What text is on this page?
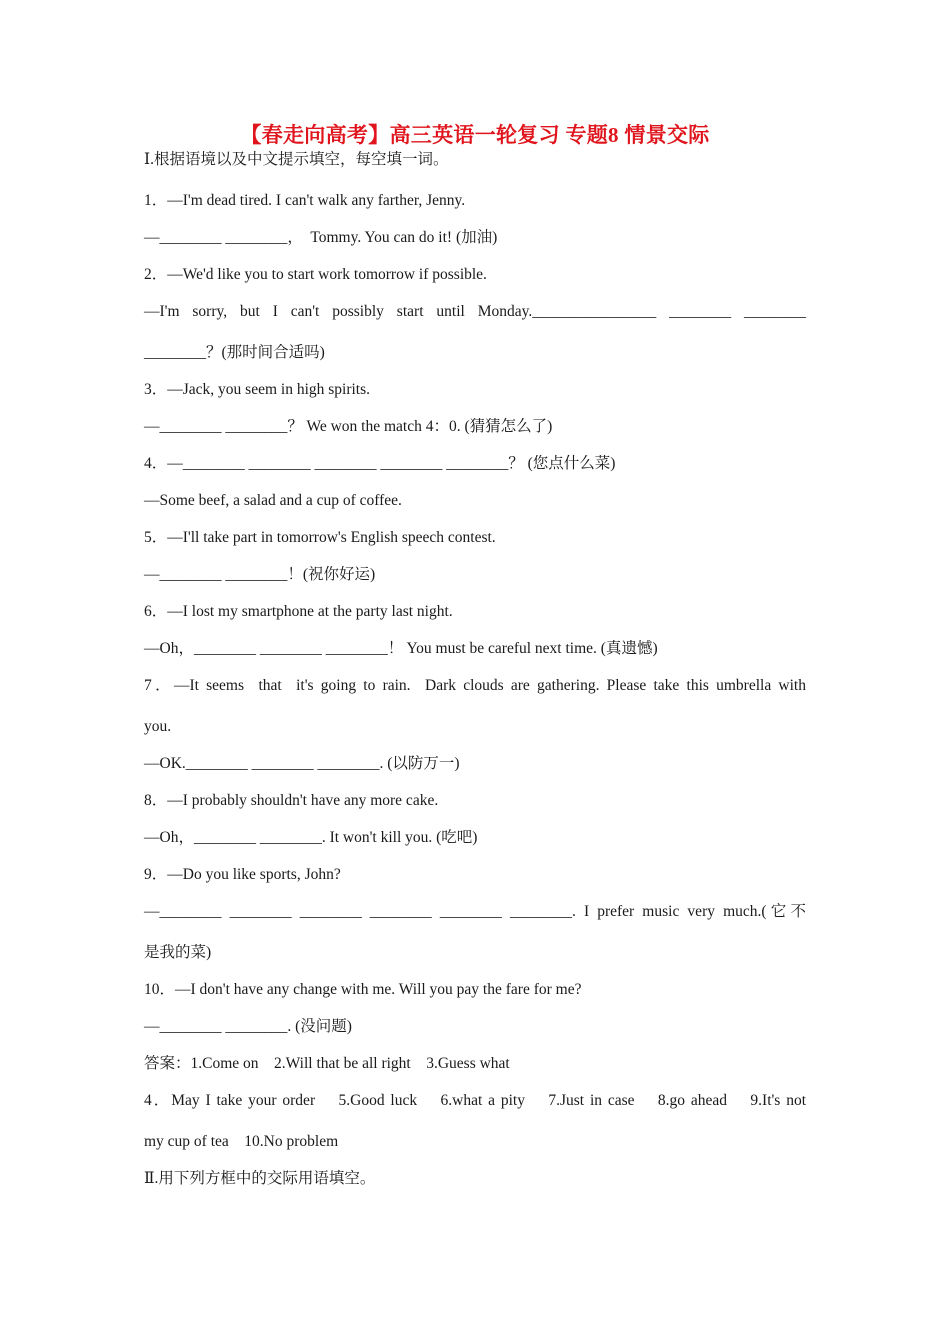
【春走向高考】高三英语一轮复习 专题8 情景交际
Ⅰ.根据语境以及中文提示填空，每空填一词。
1．—I'm dead tired. I can't walk any farther, Jenny.
—________ ________，  Tommy. You can do it! (加油)
2．—We'd like you to start work tomorrow if possible.
—I'm  sorry,  but  I  can't  possibly  start  until  Monday.________________  ________  ________
________？(那时间合适吗)
3．—Jack, you seem in high spirits.
—________ ________？ We won the match 4：0. (猜猜怎么了)
4．—________ ________ ________ ________ ________？ (您点什么菜)
—Some beef, a salad and a cup of coffee.
5．—I'll take part in tomorrow's English speech contest.
—________ ________！(祝你好运)
6．—I lost my smartphone at the party last night.
—Oh，________ ________ ________！ You must be careful next time. (真遗憾)
7．—It seems  that  it's going to rain.  Dark clouds are gathering. Please take this umbrella with
you.
—OK.________ ________ ________. (以防万一)
8．—I probably shouldn't have any more cake.
—Oh，________ ________. It won't kill you. (吃吧)
9．—Do you like sports, John?
—________ ________ ________ ________ ________ ________. I prefer music very much.(它不
是我的菜)
10．—I don't have any change with me. Will you pay the fare for me?
—________ ________. (没问题)
答案：1.Come on    2.Will that be all right    3.Guess what
4．May I take your order    5.Good luck    6.what a pity    7.Just in case    8.go ahead    9.It's not
my cup of tea    10.No problem
Ⅱ.用下列方框中的交际用语填空。
